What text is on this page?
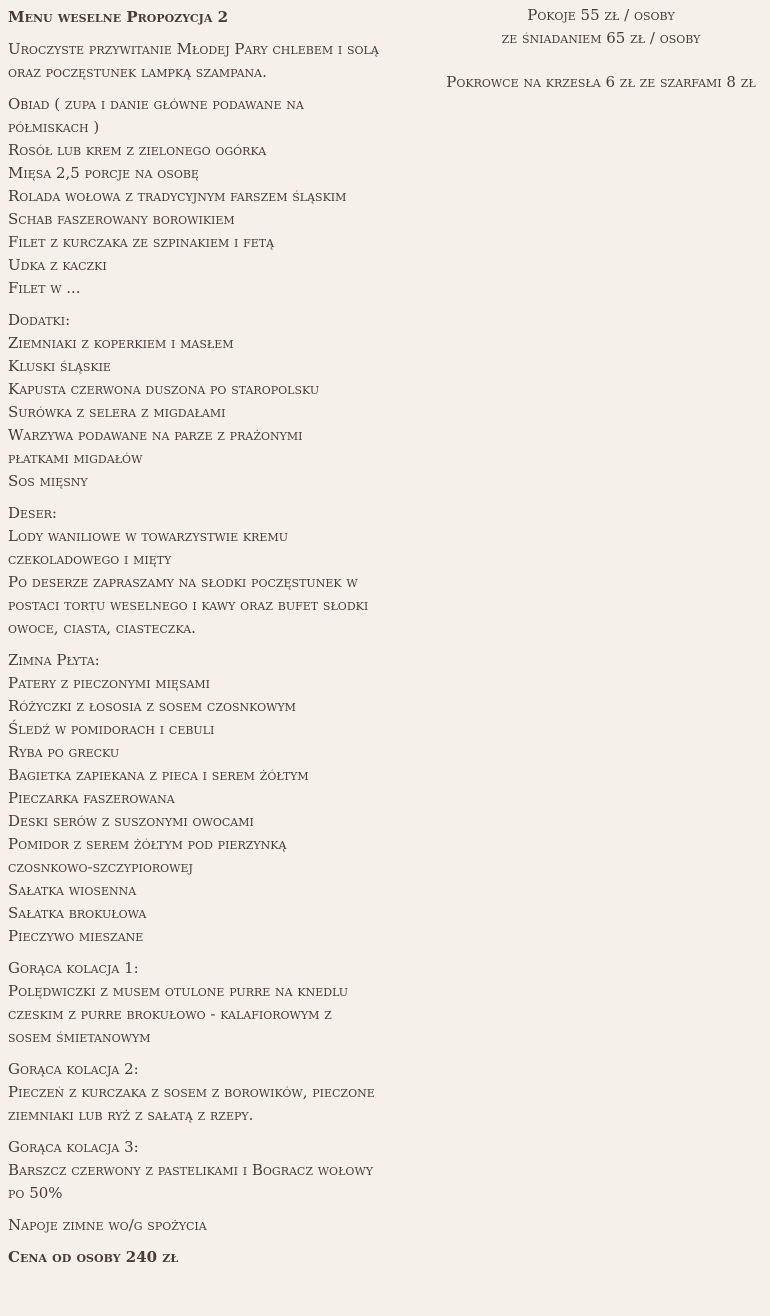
Menu weselne Propozycja 2
Uroczyste przywitanie Młodej Pary chlebem i solą
oraz poczęstunek lampką szampana.
Obiad ( zupa i danie główne podawane na
półmiskach )
Rosół lub krem z zielonego ogórka
Mięsa 2,5 porcje na osobę
Rolada wołowa z tradycyjnym farszem śląskim
Schab faszerowany borowikiem
Filet z kurczaka ze szpinakiem i fetą
Udka z kaczki
Filet w ...
Dodatki:
Ziemniaki z koperkiem i masłem
Kluski śląskie
Kapusta czerwona duszona po staropolsku
Surówka z selera z migdałami
Warzywa podawane na parze z prażonymi
płatkami migdałów
Sos mięsny
Deser:
Lody waniliowe w towarzystwie kremu
czekoladowego i mięty
Po deserze zapraszamy na słodki poczęstunek w
postaci tortu weselnego i kawy oraz bufet słodki
owoce, ciasta, ciasteczka.
Zimna Płyta:
Patery z pieczonymi mięsami
Różyczki z łososia z sosem czosnkowym
Śledź w pomidorach i cebuli
Ryba po grecku
Bagietka zapiekana z pieca i serem żółtym
Pieczarka faszerowana
Deski serów z suszonymi owocami
Pomidor z serem żółtym pod pierzynką
czosnkowo-szczypiorowej
Sałatka wiosenna
Sałatka brokułowa
Pieczywo mieszane
Gorąca kolacja 1:
Polędwiczki z musem otulone purre na knedlu
czeskim z purre brokułowo - kalafiorowym z
sosem śmietanowym
Gorąca kolacja 2:
Pieczeń z kurczaka z sosem z borowików, pieczone
ziemniaki lub ryż z sałatą z rzepy.
Gorąca kolacja 3:
Barszcz czerwony z pastelikami i Bogracz wołowy
po 50%
Napoje zimne wo/g spożycia
Cena od osoby 240 zł
Pokoje 55 zł / osoby
ze śniadaniem 65 zł / osoby
Pokrowce na krzesła 6 zł ze szarfami 8 zł
